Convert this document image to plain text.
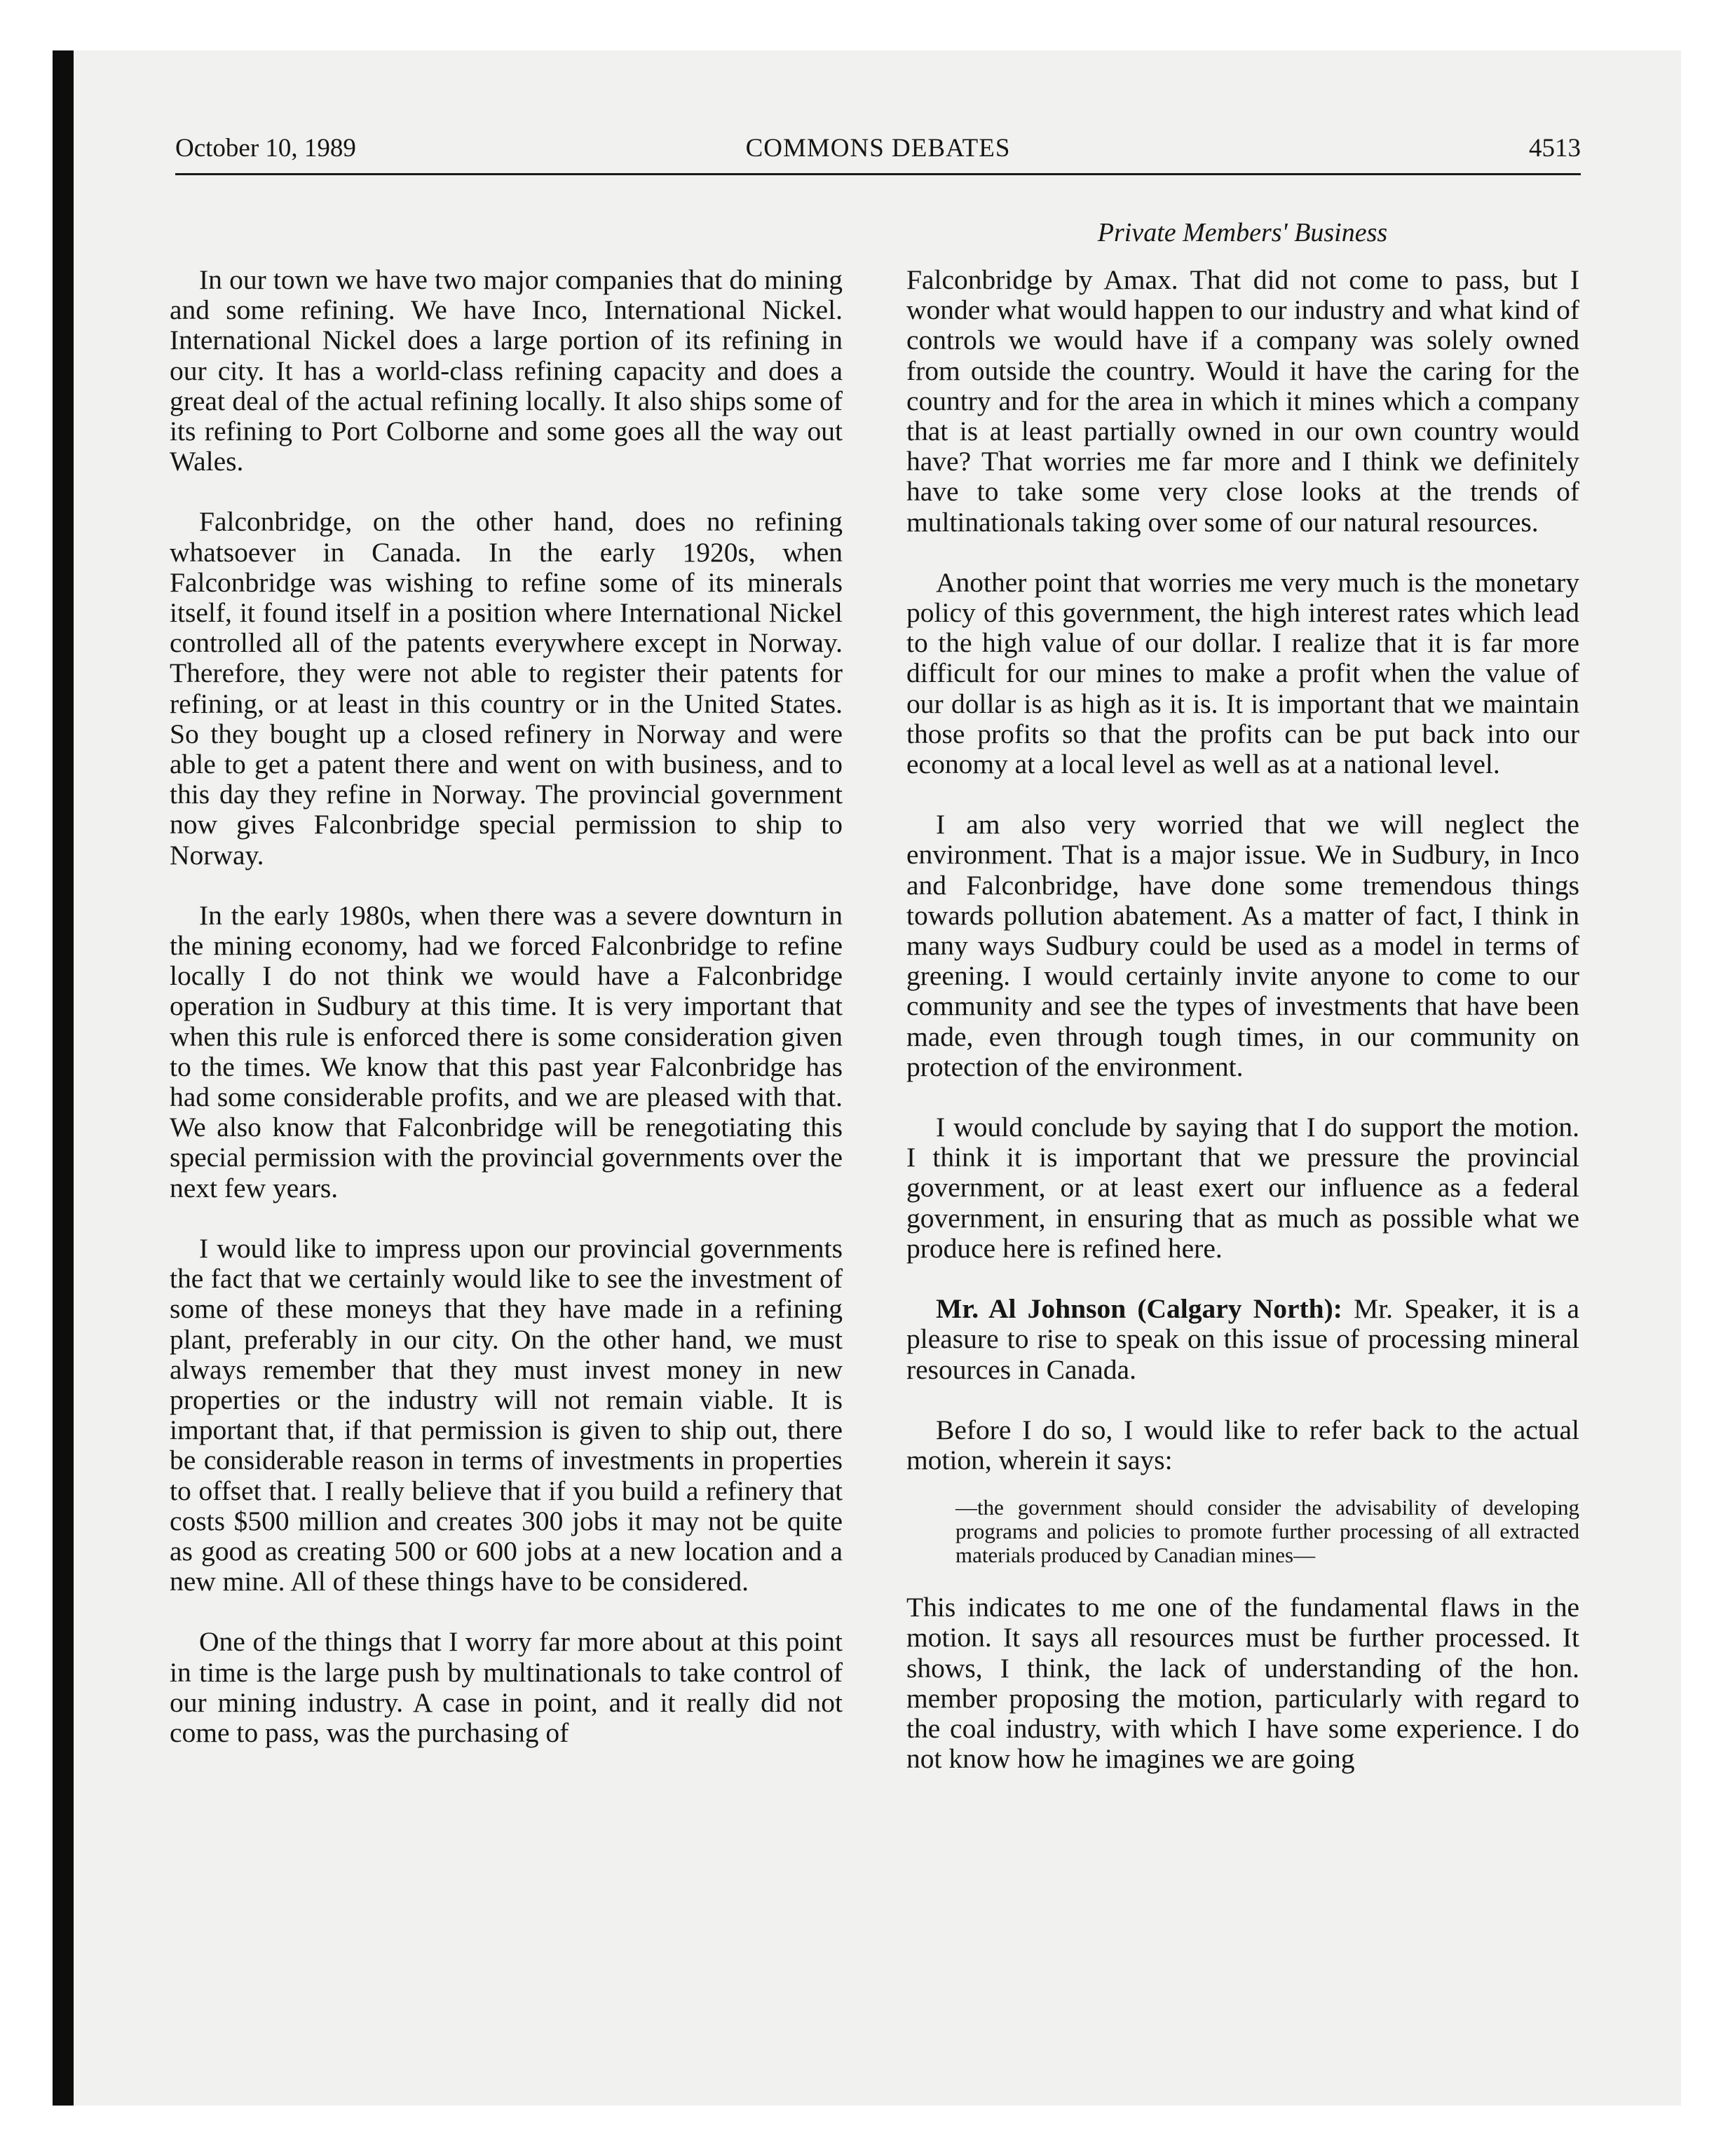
October 10, 1989	COMMONS DEBATES	4513
Private Members' Business

In our town we have two major companies that do mining and some refining. We have Inco, International Nickel. International Nickel does a large portion of its refining in our city. It has a world-class refining capacity and does a great deal of the actual refining locally. It also ships some of its refining to Port Colborne and some goes all the way out Wales.

Falconbridge, on the other hand, does no refining whatsoever in Canada. In the early 1920s, when Falconbridge was wishing to refine some of its minerals itself, it found itself in a position where International Nickel controlled all of the patents everywhere except in Norway. Therefore, they were not able to register their patents for refining, or at least in this country or in the United States. So they bought up a closed refinery in Norway and were able to get a patent there and went on with business, and to this day they refine in Norway. The provincial government now gives Falconbridge special permission to ship to Norway.

In the early 1980s, when there was a severe downturn in the mining economy, had we forced Falconbridge to refine locally I do not think we would have a Falconbridge operation in Sudbury at this time. It is very important that when this rule is enforced there is some consideration given to the times. We know that this past year Falconbridge has had some considerable profits, and we are pleased with that. We also know that Falconbridge will be renegotiating this special permission with the provincial governments over the next few years.

I would like to impress upon our provincial governments the fact that we certainly would like to see the investment of some of these moneys that they have made in a refining plant, preferably in our city. On the other hand, we must always remember that they must invest money in new properties or the industry will not remain viable. It is important that, if that permission is given to ship out, there be considerable reason in terms of investments in properties to offset that. I really believe that if you build a refinery that costs $500 million and creates 300 jobs it may not be quite as good as creating 500 or 600 jobs at a new location and a new mine. All of these things have to be considered.

One of the things that I worry far more about at this point in time is the large push by multinationals to take control of our mining industry. A case in point, and it really did not come to pass, was the purchasing of

Falconbridge by Amax. That did not come to pass, but I wonder what would happen to our industry and what kind of controls we would have if a company was solely owned from outside the country. Would it have the caring for the country and for the area in which it mines which a company that is at least partially owned in our own country would have? That worries me far more and I think we definitely have to take some very close looks at the trends of multinationals taking over some of our natural resources.

Another point that worries me very much is the monetary policy of this government, the high interest rates which lead to the high value of our dollar. I realize that it is far more difficult for our mines to make a profit when the value of our dollar is as high as it is. It is important that we maintain those profits so that the profits can be put back into our economy at a local level as well as at a national level.

I am also very worried that we will neglect the environment. That is a major issue. We in Sudbury, in Inco and Falconbridge, have done some tremendous things towards pollution abatement. As a matter of fact, I think in many ways Sudbury could be used as a model in terms of greening. I would certainly invite anyone to come to our community and see the types of investments that have been made, even through tough times, in our community on protection of the environment.

I would conclude by saying that I do support the motion. I think it is important that we pressure the provincial government, or at least exert our influence as a federal government, in ensuring that as much as possible what we produce here is refined here.

Mr. Al Johnson (Calgary North): Mr. Speaker, it is a pleasure to rise to speak on this issue of processing mineral resources in Canada.

Before I do so, I would like to refer back to the actual motion, wherein it says:

—the government should consider the advisability of developing programs and policies to promote further processing of all extracted materials produced by Canadian mines—

This indicates to me one of the fundamental flaws in the motion. It says all resources must be further processed. It shows, I think, the lack of understanding of the hon. member proposing the motion, particularly with regard to the coal industry, with which I have some experience. I do not know how he imagines we are going
